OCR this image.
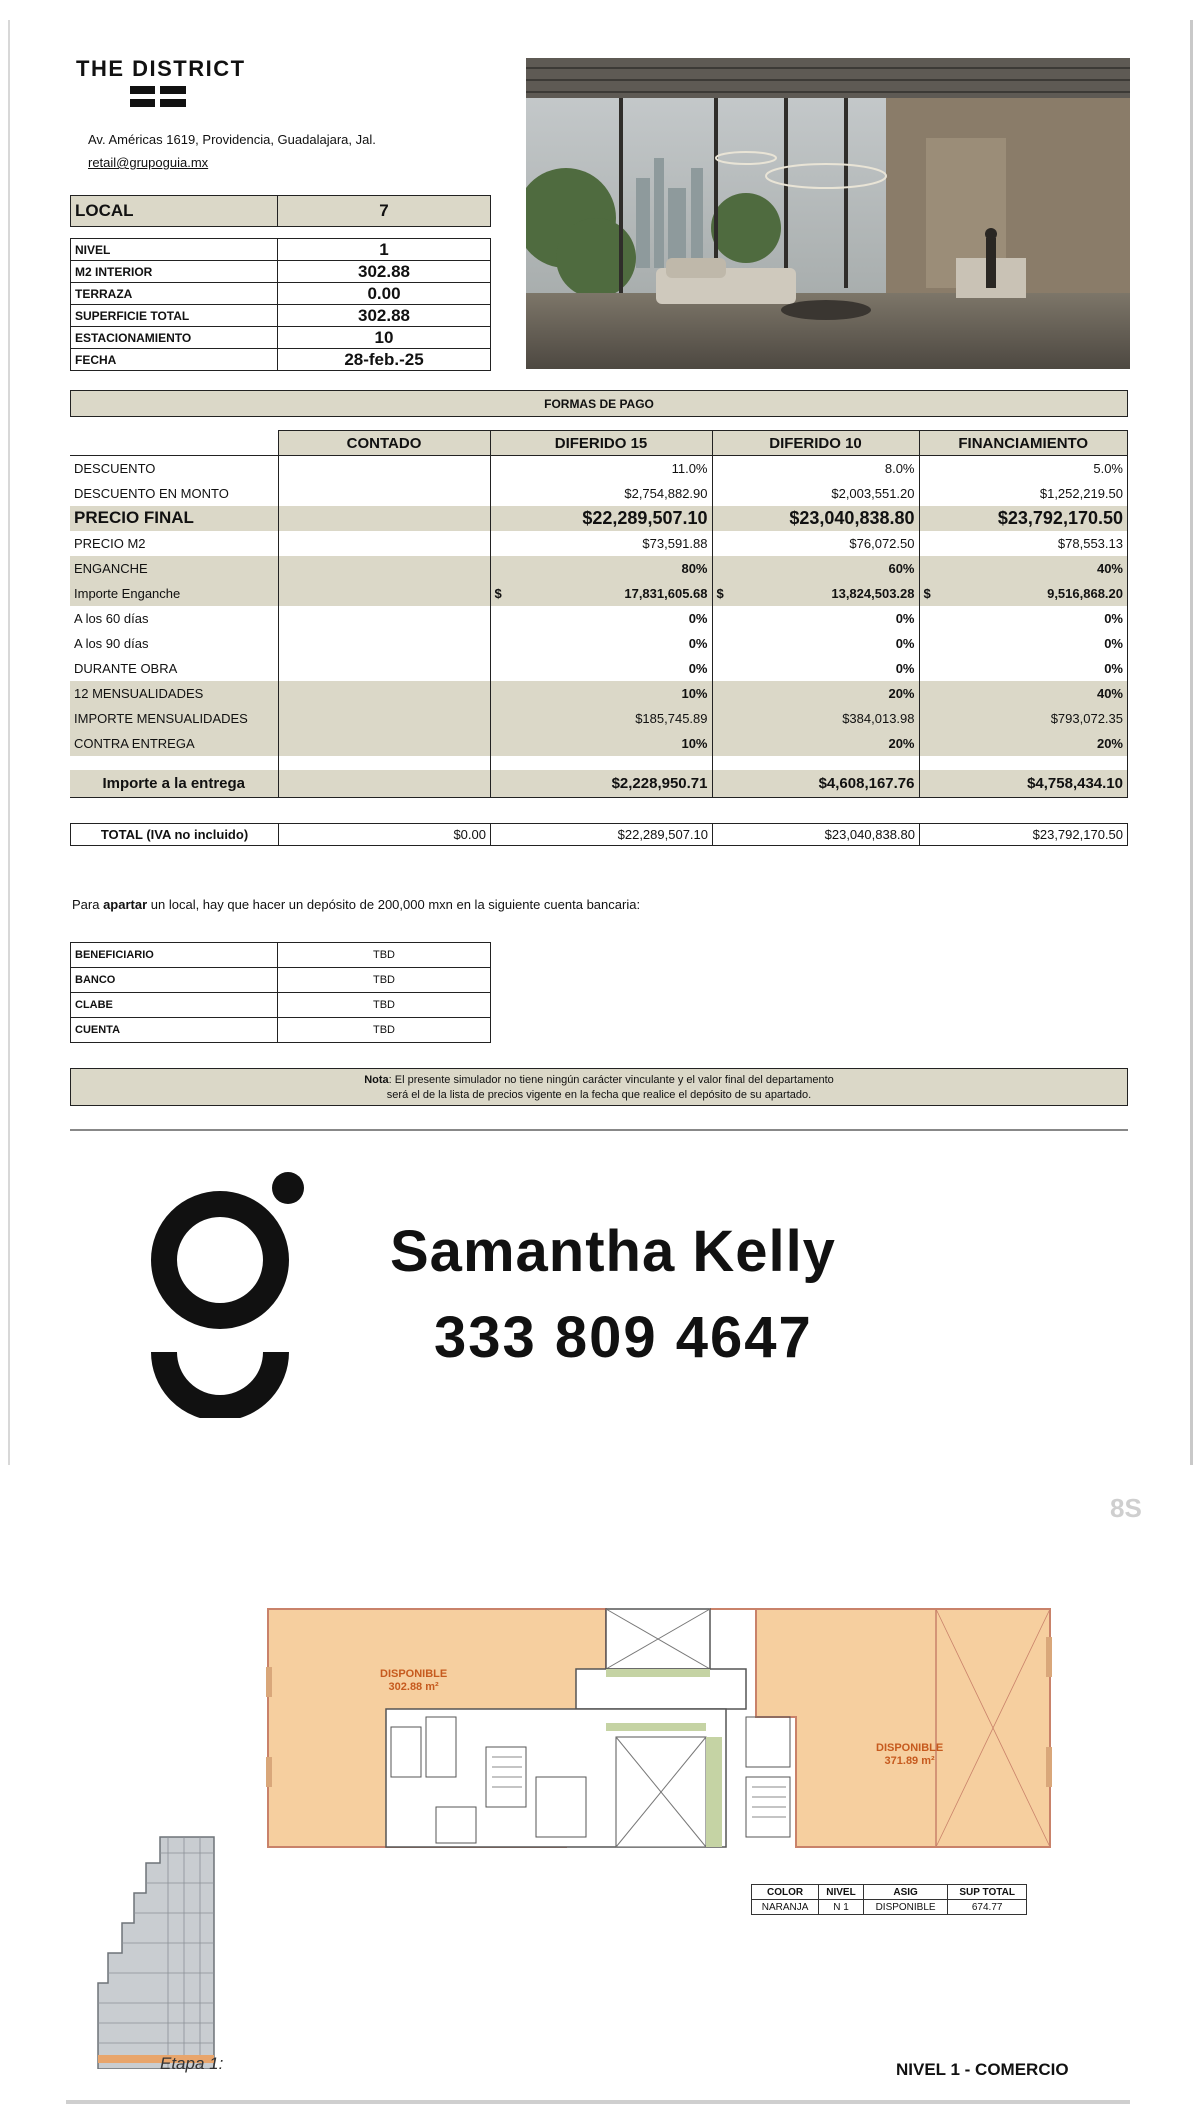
THE DISTRICT
Av. Américas 1619, Providencia, Guadalajara, Jal.
retail@grupoguia.mx
LOCAL	7
NIVEL	1
M2 INTERIOR	302.88
TERRAZA	0.00
SUPERFICIE TOTAL	302.88
ESTACIONAMIENTO	10
FECHA	28-feb.-25
FORMAS DE PAGO
	CONTADO	DIFERIDO 15	DIFERIDO 10	FINANCIAMIENTO
DESCUENTO		11.0%	8.0%	5.0%
DESCUENTO EN MONTO		$2,754,882.90	$2,003,551.20	$1,252,219.50
PRECIO FINAL		$22,289,507.10	$23,040,838.80	$23,792,170.50
PRECIO M2		$73,591.88	$76,072.50	$78,553.13
ENGANCHE		80%	60%	40%
Importe Enganche		$ 17,831,605.68	$ 13,824,503.28	$ 9,516,868.20
A los 60 días		0%	0%	0%
A los 90 días		0%	0%	0%
DURANTE OBRA		0%	0%	0%
12 MENSUALIDADES		10%	20%	40%
IMPORTE MENSUALIDADES		$185,745.89	$384,013.98	$793,072.35
CONTRA ENTREGA		10%	20%	20%

Importe a la entrega		$2,228,950.71	$4,608,167.76	$4,758,434.10
TOTAL (IVA no incluido)	$0.00	$22,289,507.10	$23,040,838.80	$23,792,170.50
Para apartar un local, hay que hacer un depósito de 200,000 mxn en la siguiente cuenta bancaria:
BENEFICIARIO	TBD
BANCO	TBD
CLABE	TBD
CUENTA	TBD
Nota: El presente simulador no tiene ningún carácter vinculante y el valor final del departamento
será el de la lista de precios vigente en la fecha que realice el depósito de su apartado.
Samantha Kelly
333 809 4647
8S
DISPONIBLE
302.88 m²
DISPONIBLE
371.89 m²
Etapa 1:
COLOR	NIVEL	ASIG	SUP TOTAL
NARANJA	N 1	DISPONIBLE	674.77
NIVEL 1 - COMERCIO
